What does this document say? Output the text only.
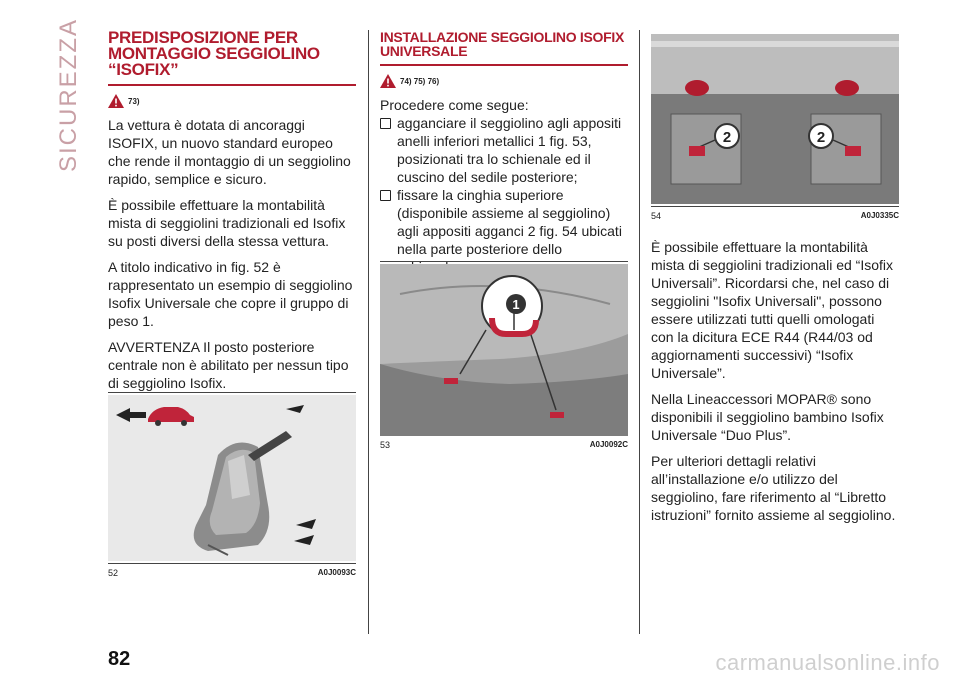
SICUREZZA PREDISPOSIZIONE PER
MONTAGGIO SEGGIOLINO
“ISOFIX”
73)

La vettura è dotata di ancoraggi ISOFIX, un nuovo standard europeo che rende il montaggio di un seggiolino rapido, semplice e sicuro.

È possibile effettuare la montabilità mista di seggiolini tradizionali ed Isofix su posti diversi della stessa vettura.

A titolo indicativo in fig. 52 è rappresentato un esempio di seggiolino Isofix Universale che copre il gruppo di peso 1.

AVVERTENZA Il posto posteriore centrale non è abilitato per nessun tipo di seggiolino Isofix.

52	A0J0093C
INSTALLAZIONE SEGGIOLINO ISOFIX
UNIVERSALE
74) 75) 76)

Procedere come segue:

agganciare il seggiolino agli appositi anelli inferiori metallici 1 fig. 53, posizionati tra lo schienale ed il cuscino del sedile posteriore;
fissare la cinghia superiore (disponibile assieme al seggiolino) agli appositi agganci 2 fig. 54 ubicati nella parte posteriore dello
1
53	A0J0092C
2	2
54	A0J0335C

È possibile effettuare la montabilità mista di seggiolini tradizionali ed “Isofix Universali”. Ricordarsi che, nel caso di seggiolini "Isofix Universali", possono essere utilizzati tutti quelli omologati con la dicitura ECE R44 (R44/03 od aggiornamenti successivi) “Isofix Universale”.

Nella Lineaccessori MOPAR® sono disponibili il seggiolino bambino Isofix Universale “Duo Plus”.

Per ulteriori dettagli relativi all’installazione e/o utilizzo del seggiolino, fare riferimento al “Libretto istruzioni” fornito assieme al seggiolino.

82	carmanualsonline.info
